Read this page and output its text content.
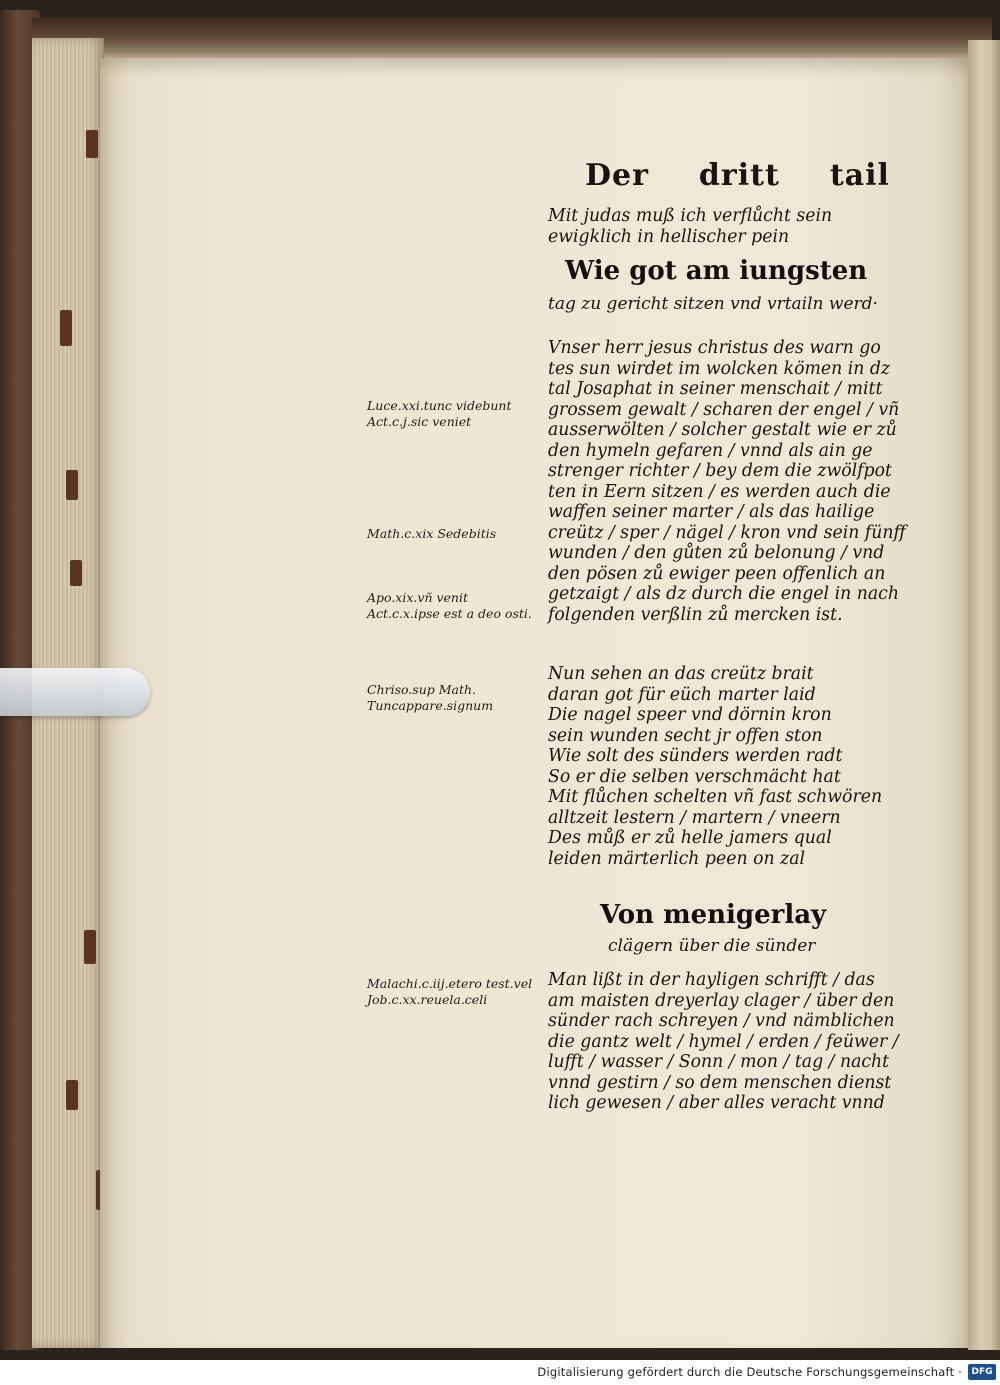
Der dritt tail
Mit judas muß ich verflůcht sein
ewigklich in hellischer pein
Wie got am iungsten
tag zu gericht sitzen vnd vrtailn werd·
Vnser herr jesus christus des warn go
tes sun wirdet im wolcken kömen in dz
tal Josaphat in seiner menschait / mitt
grossem gewalt / scharen der engel / vñ
ausserwölten / solcher gestalt wie er zů
den hymeln gefaren / vnnd als ain ge
strenger richter / bey dem die zwölfpot
ten in Eern sitzen / es werden auch die
waffen seiner marter / als das hailige
creütz / sper / nägel / kron vnd sein fünff
wunden / den gůten zů belonung / vnd
den pösen zů ewiger peen offenlich an
getzaigt / als dz durch die engel in nach
folgenden verßlin zů mercken ist.
Nun sehen an das creütz brait
daran got für eüch marter laid
Die nagel speer vnd dörnin kron
sein wunden secht jr offen ston
Wie solt des sünders werden radt
So er die selben verschmächt hat
Mit flůchen schelten vñ fast schwören
alltzeit lestern / martern / vneern
Des můß er zů helle jamers qual
leiden märterlich peen on zal
Von menigerlay
clägern über die sünder
Man lißt in der hayligen schrifft / das
am maisten dreyerlay clager / über den
sünder rach schreyen / vnd nämblichen
die gantz welt / hymel / erden / feüwer /
lufft / wasser / Sonn / mon / tag / nacht
vnnd gestirn / so dem menschen dienst
lich gewesen / aber alles veracht vnnd
Luce.xxi.tunc videbunt
Act.c.j.sic veniet
Math.c.xix Sedebitis
Apo.xix.vñ venit
Act.c.x.ipse est a deo osti.
Chriso.sup Math.
Tuncappare.signum
Malachi.c.iij.etero test.vel
Job.c.xx.reuela.celi
Digitalisierung gefördert durch die Deutsche Forschungsgemeinschaft ·	DFG
